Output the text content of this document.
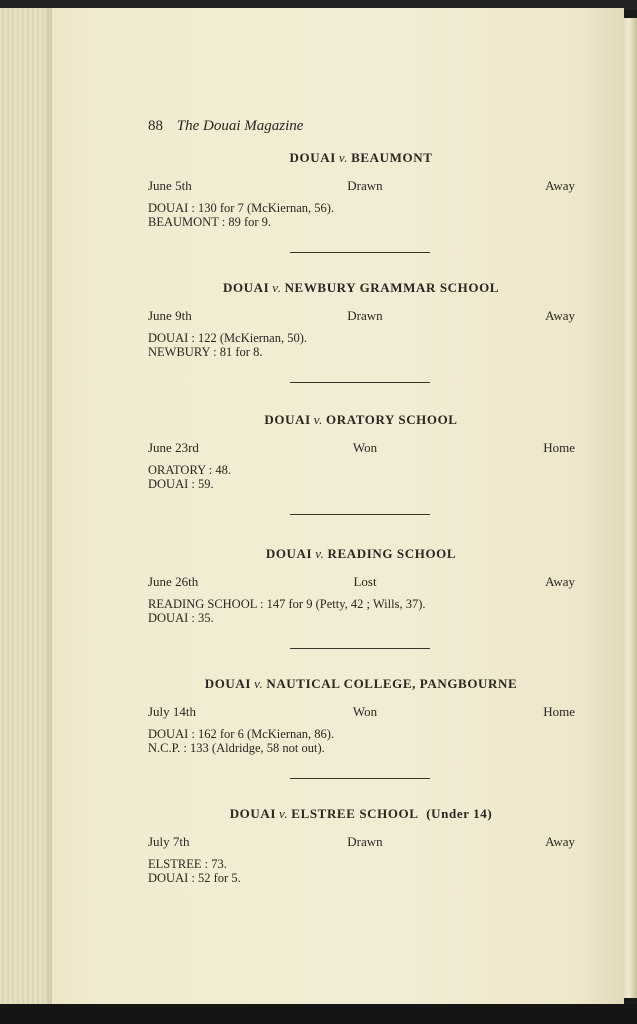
88 The Douai Magazine
DOUAI v. BEAUMONT
June 5th	Drawn	Away
DOUAI : 130 for 7 (McKiernan, 56).
BEAUMONT : 89 for 9.
DOUAI v. NEWBURY GRAMMAR SCHOOL
June 9th	Drawn	Away
DOUAI : 122 (McKiernan, 50).
NEWBURY : 81 for 8.
DOUAI v. ORATORY SCHOOL
June 23rd	Won	Home
ORATORY : 48.
DOUAI : 59.
DOUAI v. READING SCHOOL
June 26th	Lost	Away
READING SCHOOL : 147 for 9 (Petty, 42 ; Wills, 37).
DOUAI : 35.
DOUAI v. NAUTICAL COLLEGE, PANGBOURNE
July 14th	Won	Home
DOUAI : 162 for 6 (McKiernan, 86).
N.C.P. : 133 (Aldridge, 58 not out).
DOUAI v. ELSTREE SCHOOL (Under 14)
July 7th	Drawn	Away
ELSTREE : 73.
DOUAI : 52 for 5.
